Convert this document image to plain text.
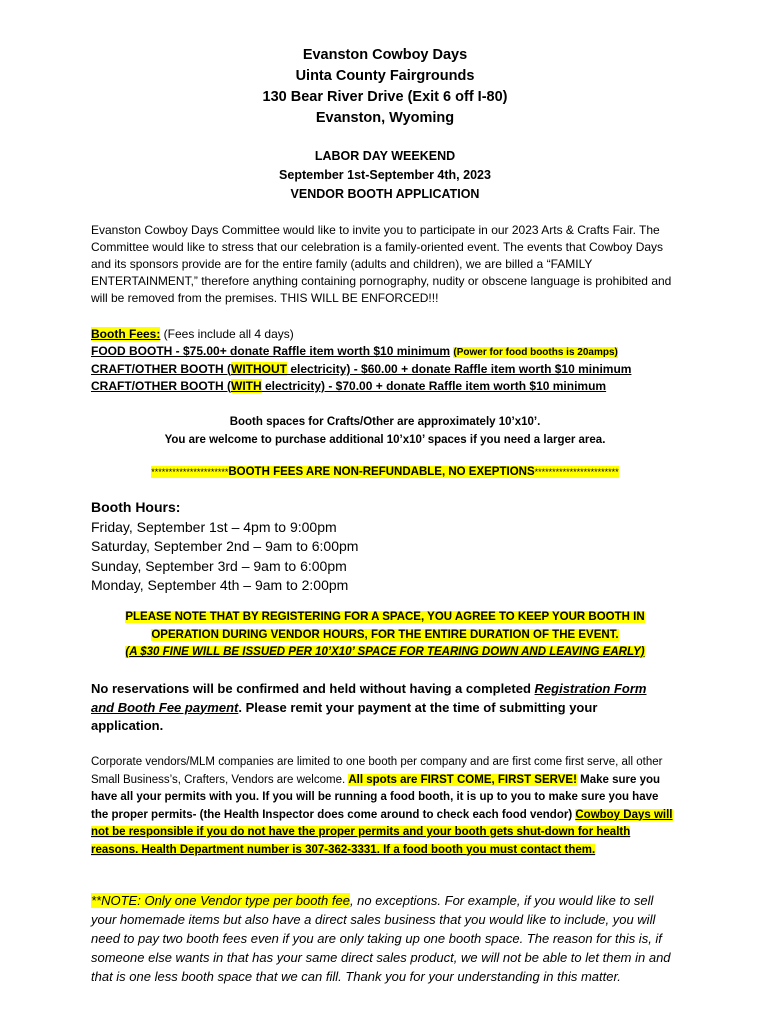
Evanston Cowboy Days
Uinta County Fairgrounds
130 Bear River Drive (Exit 6 off I-80)
Evanston, Wyoming
LABOR DAY WEEKEND
September 1st-September 4th, 2023
VENDOR BOOTH APPLICATION
Evanston Cowboy Days Committee would like to invite you to participate in our 2023 Arts & Crafts Fair. The Committee would like to stress that our celebration is a family-oriented event. The events that Cowboy Days and its sponsors provide are for the entire family (adults and children), we are billed a “FAMILY ENTERTAINMENT,” therefore anything containing pornography, nudity or obscene language is prohibited and will be removed from the premises. THIS WILL BE ENFORCED!!!
Booth Fees: (Fees include all 4 days)
FOOD BOOTH - $75.00+ donate Raffle item worth $10 minimum (Power for food booths is 20amps)
CRAFT/OTHER BOOTH (WITHOUT electricity) - $60.00 + donate Raffle item worth $10 minimum
CRAFT/OTHER BOOTH (WITH electricity) - $70.00 + donate Raffle item worth $10 minimum
Booth spaces for Crafts/Other are approximately 10’x10’.
You are welcome to purchase additional 10’x10’ spaces if you need a larger area.
**********************BOOTH FEES ARE NON-REFUNDABLE, NO EXEPTIONS************************
Booth Hours:
Friday, September 1st – 4pm to 9:00pm
Saturday, September 2nd – 9am to 6:00pm
Sunday, September 3rd – 9am to 6:00pm
Monday, September 4th – 9am to 2:00pm
PLEASE NOTE THAT BY REGISTERING FOR A SPACE, YOU AGREE TO KEEP YOUR BOOTH IN
OPERATION DURING VENDOR HOURS, FOR THE ENTIRE DURATION OF THE EVENT.
(A $30 FINE WILL BE ISSUED PER 10’X10’ SPACE FOR TEARING DOWN AND LEAVING EARLY)
No reservations will be confirmed and held without having a completed Registration Form and Booth Fee payment. Please remit your payment at the time of submitting your application.
Corporate vendors/MLM companies are limited to one booth per company and are first come first serve, all other Small Business’s, Crafters, Vendors are welcome. All spots are FIRST COME, FIRST SERVE! Make sure you have all your permits with you. If you will be running a food booth, it is up to you to make sure you have the proper permits- (the Health Inspector does come around to check each food vendor) Cowboy Days will not be responsible if you do not have the proper permits and your booth gets shut-down for health reasons. Health Department number is 307-362-3331. If a food booth you must contact them.
**NOTE: Only one Vendor type per booth fee, no exceptions. For example, if you would like to sell your homemade items but also have a direct sales business that you would like to include, you will need to pay two booth fees even if you are only taking up one booth space. The reason for this is, if someone else wants in that has your same direct sales product, we will not be able to let them in and that is one less booth space that we can fill. Thank you for your understanding in this matter.
